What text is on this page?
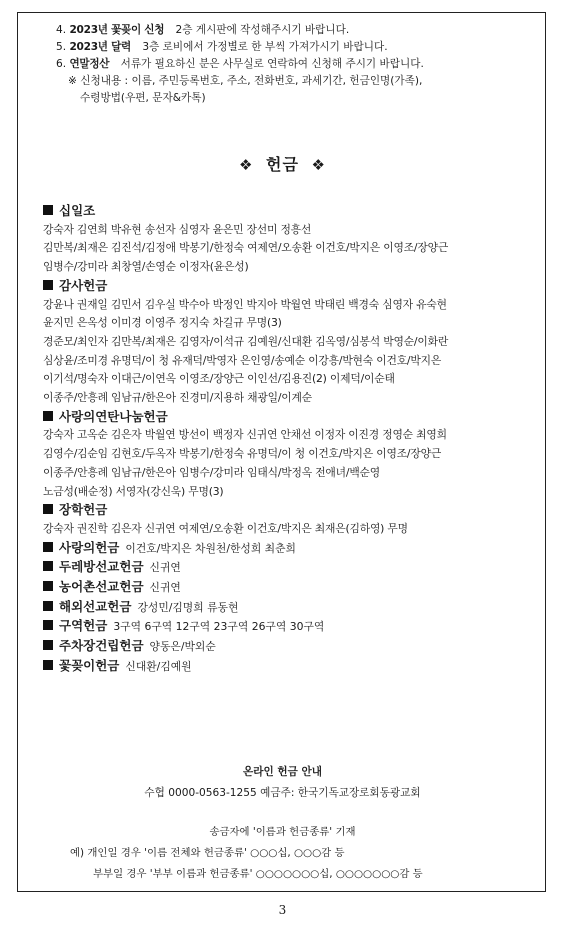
4. 2023년 꽃꽂이 신청 2층 게시판에 작성해주시기 바랍니다.
5. 2023년 달력 3층 로비에서 가정별로 한 부씩 가져가시기 바랍니다.
6. 연말정산 서류가 필요하신 분은 사무실로 연락하여 신청해 주시기 바랍니다.
※ 신청내용 : 이름, 주민등록번호, 주소, 전화번호, 과세기간, 헌금인명(가족),
수령방법(우편, 문자&카톡)
❖ 헌금 ❖
십일조
강숙자 김연희 박유현 송선자 심영자 윤은민 장선미 정흥선
김만복/최재은 김진석/김정애 박봉기/한정숙 여제연/오송환 이건호/박지은 이영조/장양근
임병수/강미라 최창열/손영순 이정자(윤은성)
감사헌금
강윤나 권재일 김민서 김우실 박수아 박정인 박지아 박월연 박태린 백경숙 심영자 유숙현
윤지민 은옥성 이미경 이영주 정지숙 차길규 무명(3)
경준모/최인자 김만복/최재은 김영자/이석규 김예원/신대환 김옥영/심봉석 박영순/이화란
심상윤/조미경 유명덕/이 청 유재덕/박영자 은인영/송예순 이강흥/박현숙 이건호/박지은
이기석/명숙자 이대근/이연옥 이영조/장양근 이인선/김용진(2) 이제덕/이순태
이종주/안흥례 임남규/한은아 진경미/지용하 채광일/이계순
사랑의연탄나눔헌금
강숙자 고옥순 김은자 박월연 방선이 백정자 신귀연 안채선 이정자 이진경 정영순 최영희
김영수/김순임 김현호/두옥자 박봉기/한정숙 유명덕/이 청 이건호/박지은 이영조/장양근
이종주/안흥례 임남규/한은아 임병수/강미라 임태식/박정옥 전애녀/백순영
노금성(배순정) 서영자(강신욱) 무명(3)
장학헌금
강숙자 권진학 김은자 신귀연 여제연/오송환 이건호/박지은 최재은(김하영) 무명
사랑의헌금 이건호/박지은 차원천/한성희 최춘희
두레방선교헌금 신귀연
농어촌선교헌금 신귀연
해외선교헌금 강성민/김명희 류동현
구역헌금 3구역 6구역 12구역 23구역 26구역 30구역
주차장건립헌금 양동은/박외순
꽃꽂이헌금 신대환/김예원
온라인 헌금 안내
수협 0000-0563-1255 예금주: 한국기독교장로회동광교회
송금자에 '이름과 헌금종류' 기재
예) 개인일 경우 '이름 전체와 헌금종류' ○○○십, ○○○감 등
부부일 경우 '부부 이름과 헌금종류' ○○○○○○○십, ○○○○○○○감 등
3
